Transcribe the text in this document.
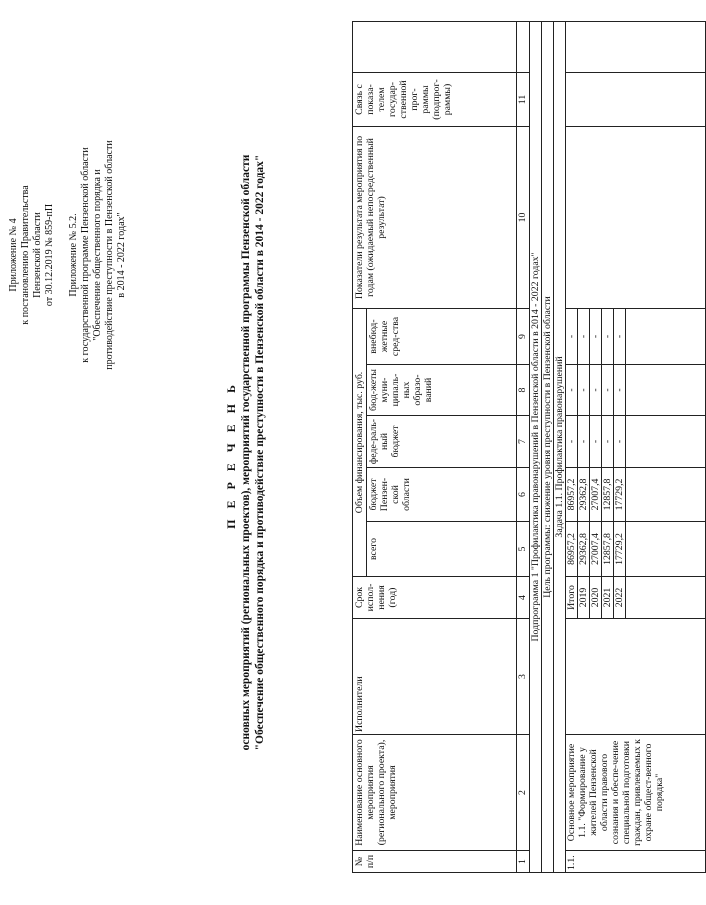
Приложение № 4 к постановлению Правительства Пензенской области от 30.12.2019 № 859-пП Приложение № 5.2. к государственной программе Пензенской области "Обеспечение общественного порядка и противодействие преступности в Пензенской области в 2014 - 2022 годах"
П Е Р Е Ч Е Н Ь основных мероприятий (региональных проектов), мероприятий государственной программы Пензенской области "Обеспечение общественного порядка и противодействие преступности в Пензенской области в 2014 - 2022 годах"
№ п/п	Наименование основного мероприятия (регионального проекта), мероприятия	Исполнители	Срок испол-нения (год)	Объем финансирования, тыс. руб.					Показатели результата мероприятия по годам (ожидаемый непосредственный результат)	Связь с показа-телем государ-ственной прог-раммы (подпрог-раммы)	
				всего	бюджет Пензен-ской области	феде-раль-ный бюджет	бюд-жеты муни-ципаль-ных образо-ваний	внебюд-жетные сред-ства			
1	2	3	4	5	6	7	8	9	10	11	
Подпрограмма 1 "Профилактика правонарушений в Пензенской области в 2014 - 2022 годах"											
Цель программы: снижение уровня преступности в Пензенской области											
Задача 1.1. Профилактика правонарушений											
1.1.	Основное мероприятие 1.1. "Формирование у жителей Пензенской области правового сознания и обеспе-чение специальной подготовки граждан, привлекаемых к охране общест-венного порядка"		Итого	86957,2	86957,2	-	-	-			
			2019	29362,8	29362,8	-	-	-			
			2020	27007,4	27007,4	-	-	-			
			2021	12857,8	12857,8	-	-	-			
			2022	17729,2	17729,2	-	-	-			
